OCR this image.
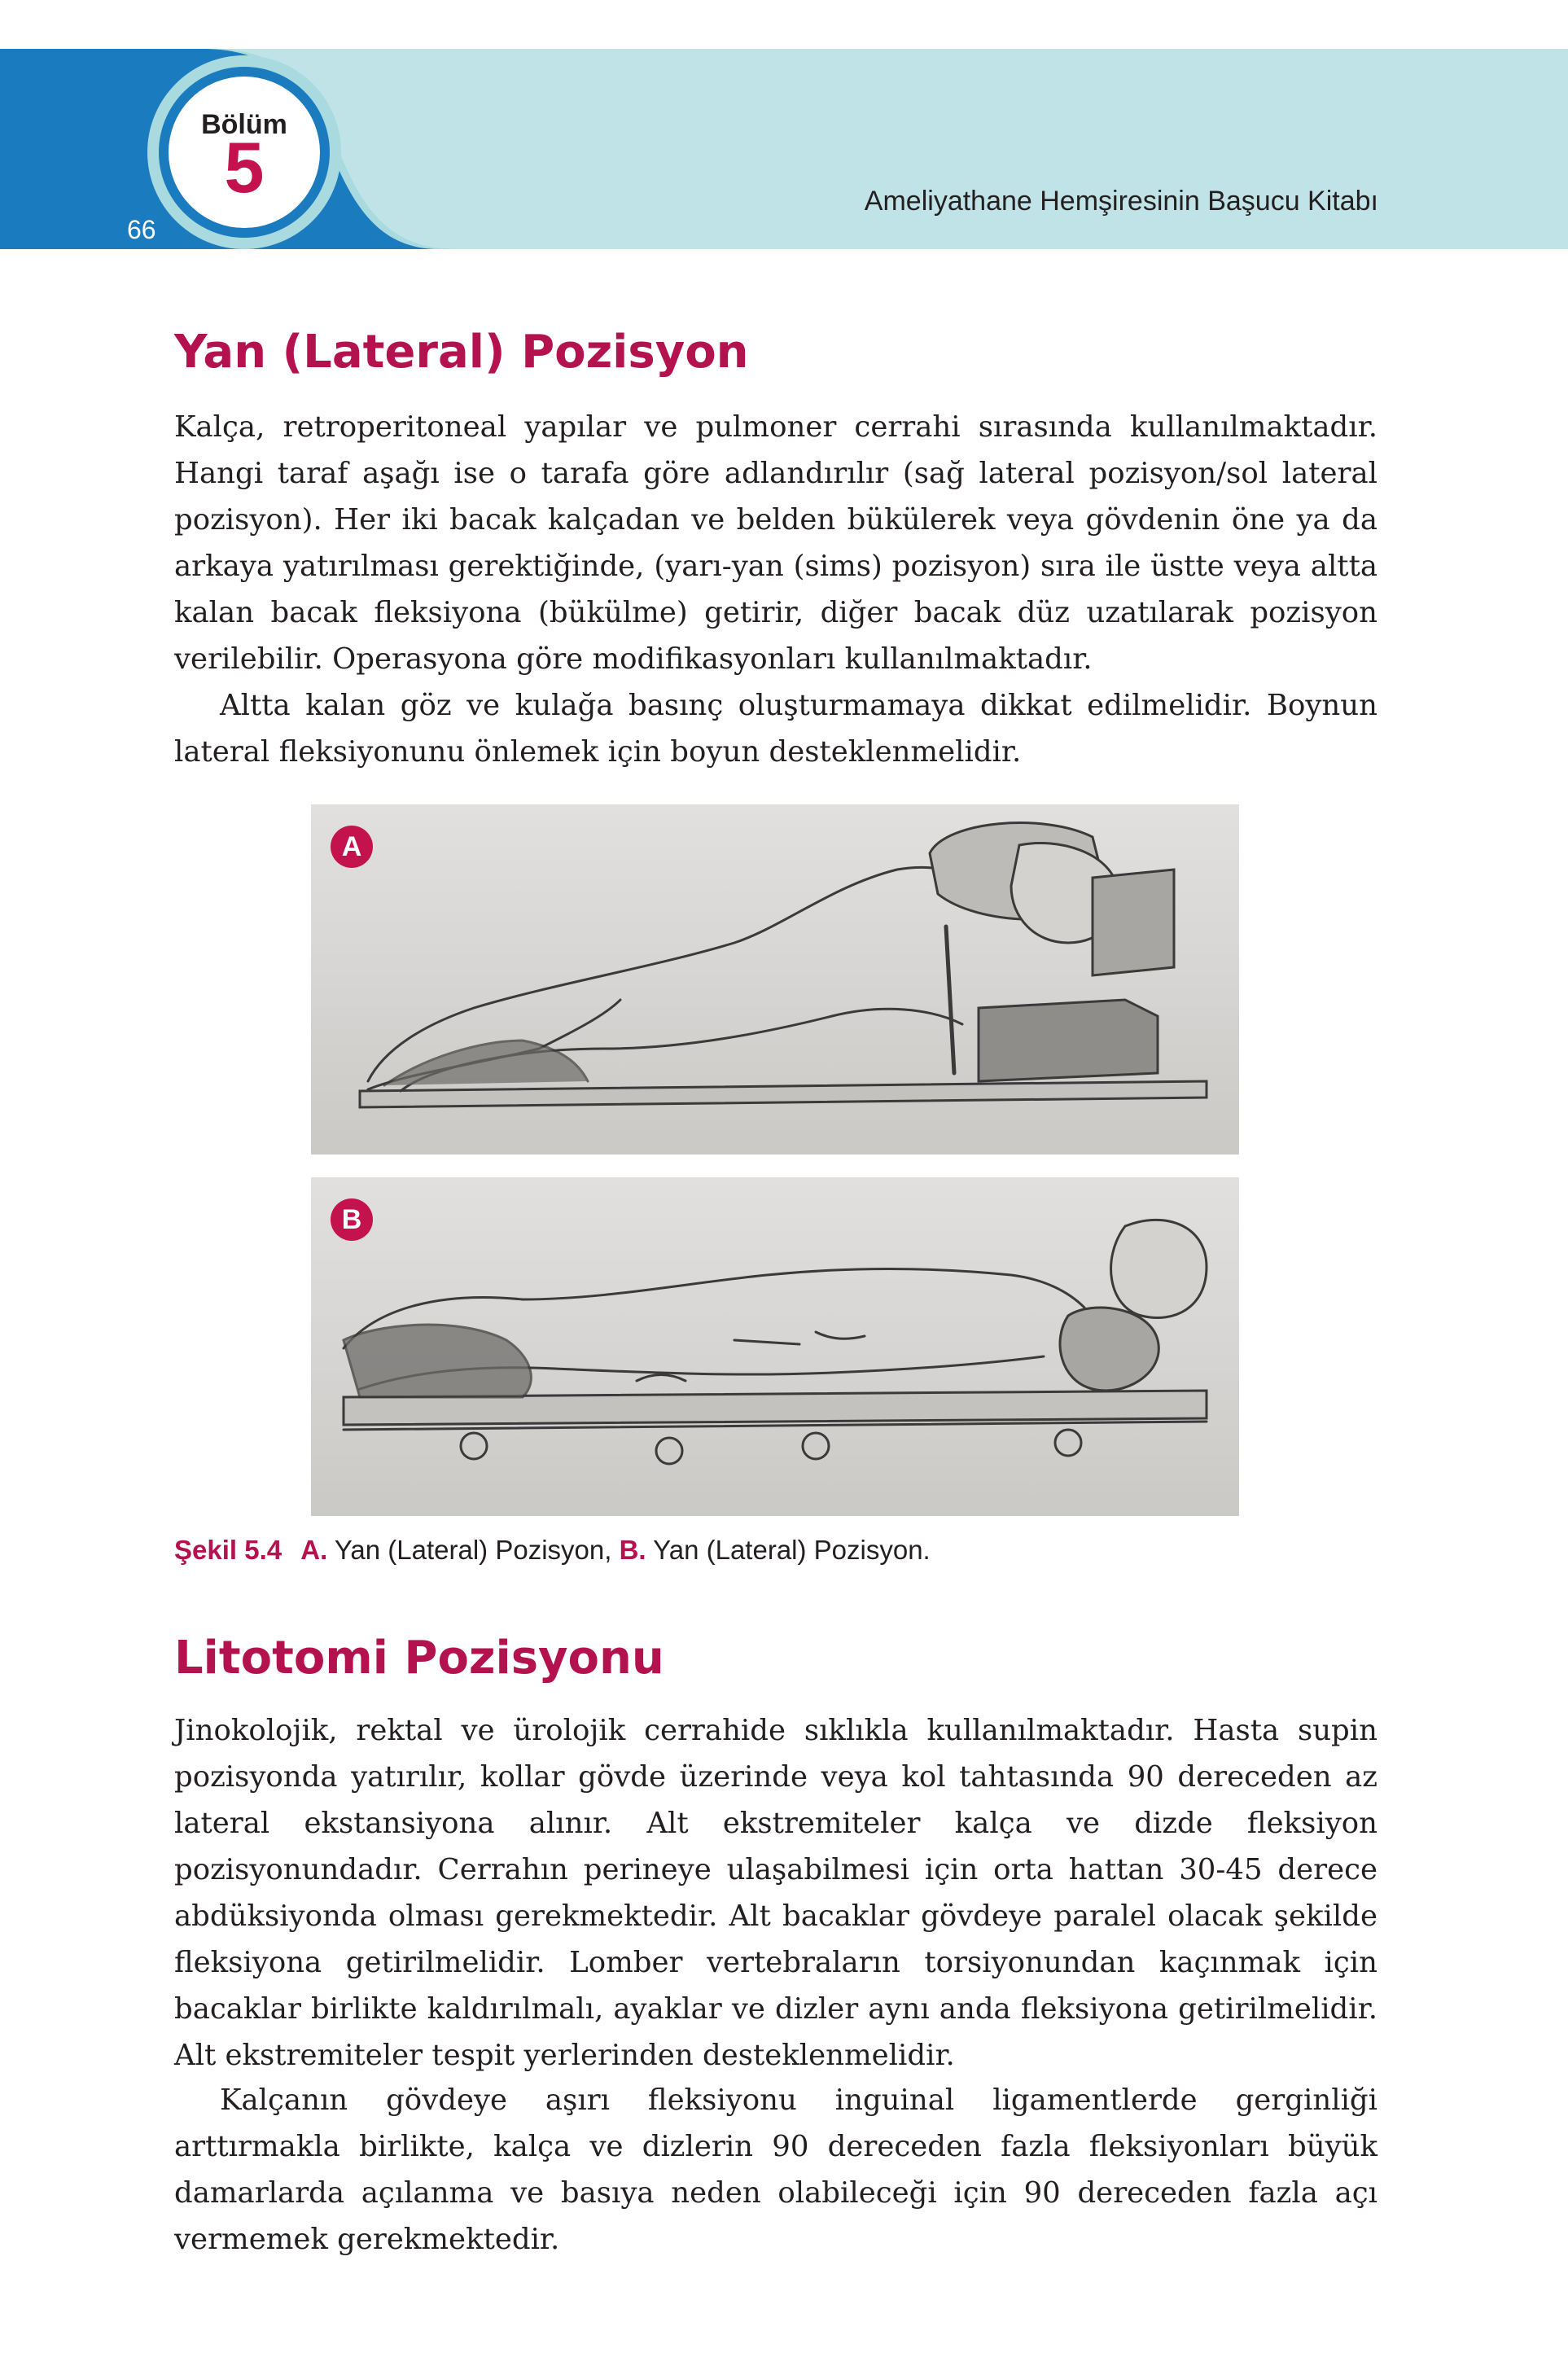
Bölüm
5
66
Ameliyathane Hemşiresinin Başucu Kitabı
Yan (Lateral) Pozisyon

Kalça, retroperitoneal yapılar ve pulmoner cerrahi sırasında kullanılmaktadır. Hangi taraf aşağı ise o tarafa göre adlandırılır (sağ lateral pozisyon/sol lateral pozisyon). Her iki bacak kalçadan ve belden bükülerek veya gövdenin öne ya da arkaya yatırılması gerektiğinde, (yarı-yan (sims) pozisyon) sıra ile üstte veya altta kalan bacak fleksiyona (bükülme) getirir, diğer bacak düz uzatılarak pozisyon verilebilir. Operasyona göre modifikasyonları kullanılmaktadır.

Altta kalan göz ve kulağa basınç oluşturmamaya dikkat edilmelidir. Boynun lateral fleksiyonunu önlemek için boyun desteklenmelidir.

A
B
Şekil 5.4 A. Yan (Lateral) Pozisyon, B. Yan (Lateral) Pozisyon.
Litotomi Pozisyonu

Jinokolojik, rektal ve ürolojik cerrahide sıklıkla kullanılmaktadır. Hasta supin pozisyonda yatırılır, kollar gövde üzerinde veya kol tahtasında 90 dereceden az lateral ekstansiyona alınır. Alt ekstremiteler kalça ve dizde fleksiyon pozisyonundadır. Cerrahın perineye ulaşabilmesi için orta hattan 30-45 derece abdüksiyonda olması gerekmektedir. Alt bacaklar gövdeye paralel olacak şekilde fleksiyona getirilmelidir. Lomber vertebraların torsiyonundan kaçınmak için bacaklar birlikte kaldırılmalı, ayaklar ve dizler aynı anda fleksiyona getirilmelidir. Alt ekstremiteler tespit yerlerinden desteklenmelidir.

Kalçanın gövdeye aşırı fleksiyonu inguinal ligamentlerde gerginliği arttırmakla birlikte, kalça ve dizlerin 90 dereceden fazla fleksiyonları büyük damarlarda açılanma ve basıya neden olabileceği için 90 dereceden fazla açı vermemek gerekmektedir.
